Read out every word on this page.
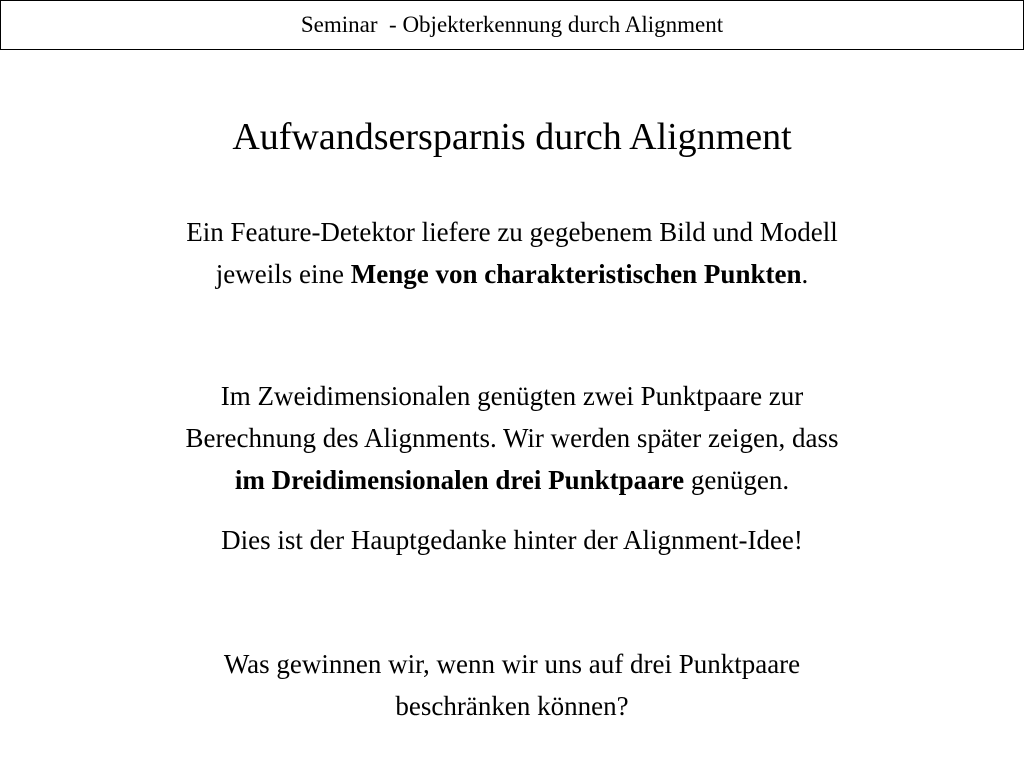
Seminar  - Objekterkennung durch Alignment
Aufwandsersparnis durch Alignment

Ein Feature-Detektor liefere zu gegebenem Bild und Modell
jeweils eine Menge von charakteristischen Punkten.

Im Zweidimensionalen genügten zwei Punktpaare zur
Berechnung des Alignments. Wir werden später zeigen, dass
im Dreidimensionalen drei Punktpaare genügen.

Dies ist der Hauptgedanke hinter der Alignment-Idee!

Was gewinnen wir, wenn wir uns auf drei Punktpaare
beschränken können?
